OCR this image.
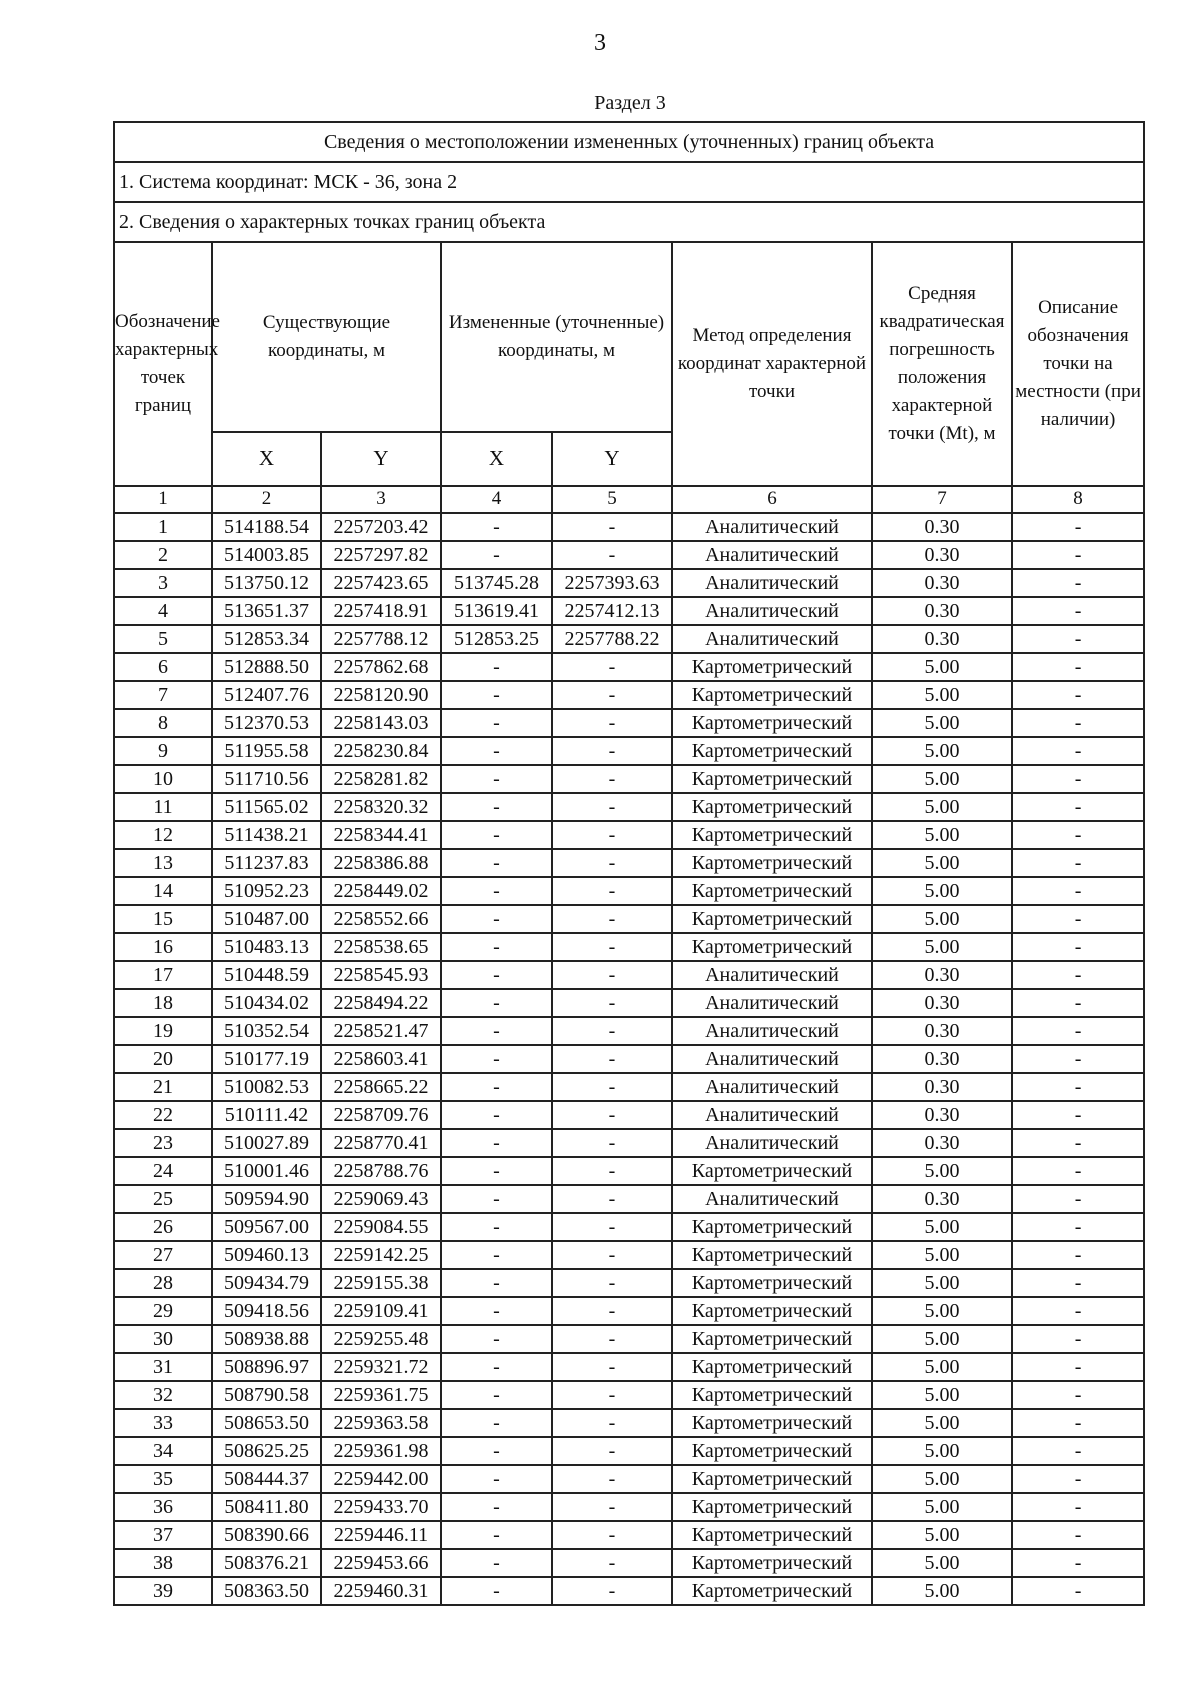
3
Раздел 3
Сведения о местоположении измененных (уточненных) границ объекта							
1. Система координат: МСК - 36, зона 2							
2. Сведения о характерных точках границ объекта							
Обозначение характерных точек границ	Существующие координаты, м		Измененные (уточненные) координаты, м		Метод определения координат характерной точки	Средняя квадратическая погрешность положения характерной точки (Mt), м	Описание обозначения точки на местности (при наличии)
	X	Y	X	Y			
1	2	3	4	5	6	7	8
1	514188.54	2257203.42	-	-	Аналитический	0.30	-
2	514003.85	2257297.82	-	-	Аналитический	0.30	-
3	513750.12	2257423.65	513745.28	2257393.63	Аналитический	0.30	-
4	513651.37	2257418.91	513619.41	2257412.13	Аналитический	0.30	-
5	512853.34	2257788.12	512853.25	2257788.22	Аналитический	0.30	-
6	512888.50	2257862.68	-	-	Картометрический	5.00	-
7	512407.76	2258120.90	-	-	Картометрический	5.00	-
8	512370.53	2258143.03	-	-	Картометрический	5.00	-
9	511955.58	2258230.84	-	-	Картометрический	5.00	-
10	511710.56	2258281.82	-	-	Картометрический	5.00	-
11	511565.02	2258320.32	-	-	Картометрический	5.00	-
12	511438.21	2258344.41	-	-	Картометрический	5.00	-
13	511237.83	2258386.88	-	-	Картометрический	5.00	-
14	510952.23	2258449.02	-	-	Картометрический	5.00	-
15	510487.00	2258552.66	-	-	Картометрический	5.00	-
16	510483.13	2258538.65	-	-	Картометрический	5.00	-
17	510448.59	2258545.93	-	-	Аналитический	0.30	-
18	510434.02	2258494.22	-	-	Аналитический	0.30	-
19	510352.54	2258521.47	-	-	Аналитический	0.30	-
20	510177.19	2258603.41	-	-	Аналитический	0.30	-
21	510082.53	2258665.22	-	-	Аналитический	0.30	-
22	510111.42	2258709.76	-	-	Аналитический	0.30	-
23	510027.89	2258770.41	-	-	Аналитический	0.30	-
24	510001.46	2258788.76	-	-	Картометрический	5.00	-
25	509594.90	2259069.43	-	-	Аналитический	0.30	-
26	509567.00	2259084.55	-	-	Картометрический	5.00	-
27	509460.13	2259142.25	-	-	Картометрический	5.00	-
28	509434.79	2259155.38	-	-	Картометрический	5.00	-
29	509418.56	2259109.41	-	-	Картометрический	5.00	-
30	508938.88	2259255.48	-	-	Картометрический	5.00	-
31	508896.97	2259321.72	-	-	Картометрический	5.00	-
32	508790.58	2259361.75	-	-	Картометрический	5.00	-
33	508653.50	2259363.58	-	-	Картометрический	5.00	-
34	508625.25	2259361.98	-	-	Картометрический	5.00	-
35	508444.37	2259442.00	-	-	Картометрический	5.00	-
36	508411.80	2259433.70	-	-	Картометрический	5.00	-
37	508390.66	2259446.11	-	-	Картометрический	5.00	-
38	508376.21	2259453.66	-	-	Картометрический	5.00	-
39	508363.50	2259460.31	-	-	Картометрический	5.00	-
